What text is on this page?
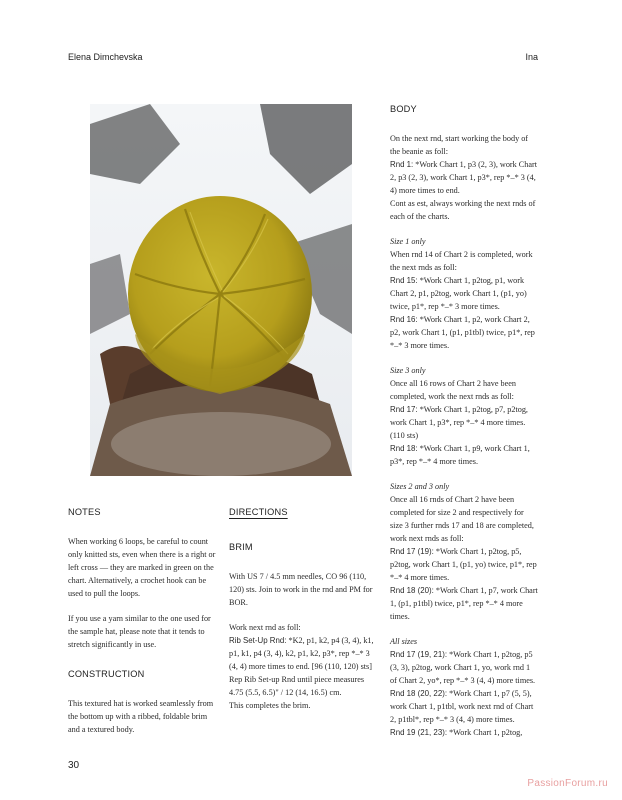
Elena Dimchevska	Ina
NOTES

When working 6 loops, be careful to count only knitted sts, even when there is a right or left cross — they are marked in green on the chart. Alternatively, a crochet hook can be used to pull the loops.

If you use a yarn similar to the one used for the sample hat, please note that it tends to stretch significantly in use.

CONSTRUCTION

This textured hat is worked seamlessly from the bottom up with a ribbed, foldable brim and a textured body.

DIRECTIONS
BRIM

With US 7 / 4.5 mm needles, CO 96 (110, 120) sts. Join to work in the rnd and PM for BOR.

Work next rnd as foll:

Rib Set-Up Rnd: *K2, p1, k2, p4 (3, 4), k1, p1, k1, p4 (3, 4), k2, p1, k2, p3*, rep *–* 3 (4, 4) more times to end. [96 (110, 120) sts]

Rep Rib Set-up Rnd until piece measures 4.75 (5.5, 6.5)" / 12 (14, 16.5) cm.

This completes the brim.

BODY

On the next rnd, start working the body of the beanie as foll:

Rnd 1: *Work Chart 1, p3 (2, 3), work Chart 2, p3 (2, 3), work Chart 1, p3*, rep *–* 3 (4, 4) more times to end.

Cont as est, always working the next rnds of each of the charts.

Size 1 only

When rnd 14 of Chart 2 is completed, work the next rnds as foll:

Rnd 15: *Work Chart 1, p2tog, p1, work Chart 2, p1, p2tog, work Chart 1, (p1, yo) twice, p1*, rep *–* 3 more times.

Rnd 16: *Work Chart 1, p2, work Chart 2, p2, work Chart 1, (p1, p1tbl) twice, p1*, rep *–* 3 more times.

Size 3 only

Once all 16 rows of Chart 2 have been completed, work the next rnds as foll:

Rnd 17: *Work Chart 1, p2tog, p7, p2tog, work Chart 1, p3*, rep *–* 4 more times. (110 sts)

Rnd 18: *Work Chart 1, p9, work Chart 1, p3*, rep *–* 4 more times.

Sizes 2 and 3 only

Once all 16 rnds of Chart 2 have been completed for size 2 and respectively for size 3 further rnds 17 and 18 are completed, work next rnds as foll:

Rnd 17 (19): *Work Chart 1, p2tog, p5, p2tog, work Chart 1, (p1, yo) twice, p1*, rep *–* 4 more times.

Rnd 18 (20): *Work Chart 1, p7, work Chart 1, (p1, p1tbl) twice, p1*, rep *–* 4 more times.

All sizes

Rnd 17 (19, 21): *Work Chart 1, p2tog, p5 (3, 3), p2tog, work Chart 1, yo, work rnd 1 of Chart 2, yo*, rep *–* 3 (4, 4) more times.

Rnd 18 (20, 22): *Work Chart 1, p7 (5, 5), work Chart 1, p1tbl, work next rnd of Chart 2, p1tbl*, rep *–* 3 (4, 4) more times.

Rnd 19 (21, 23): *Work Chart 1, p2tog,

30
PassionForum.ru
